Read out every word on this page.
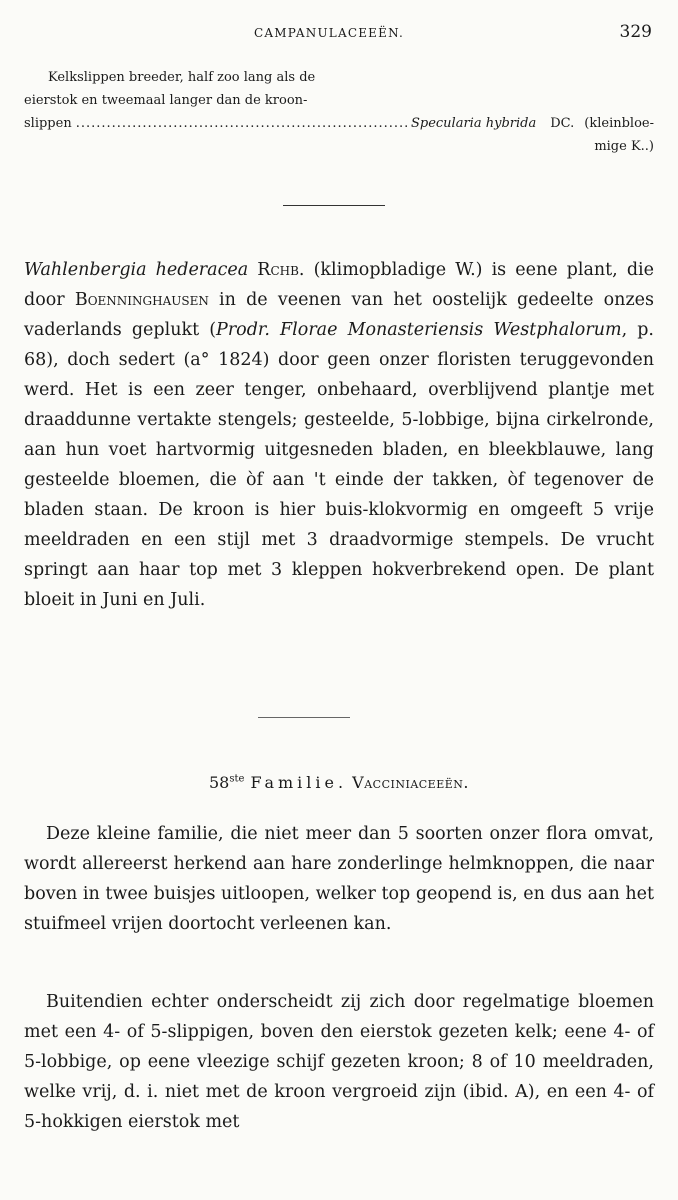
CAMPANULACEEËN.	329
Kelkslippen breeder, half zoo lang als de
eierstok en tweemaal langer dan de kroon-
slippen
.....	Specularia hybrida DC. (kleinbloe-
mige K..)

Wahlenbergia hederacea Rchb. (klimopbladige W.) is eene plant, die door Boenninghausen in de veenen van het oostelijk gedeelte onzes vaderlands geplukt (Prodr. Florae Monasteriensis Westphalorum, p. 68), doch sedert (a° 1824) door geen onzer floristen teruggevonden werd. Het is een zeer tenger, onbehaard, overblijvend plantje met draaddunne vertakte stengels; gesteelde, 5-lobbige, bijna cirkelronde, aan hun voet hartvormig uitgesneden bladen, en bleekblauwe, lang gesteelde bloemen, die òf aan 't einde der takken, òf tegenover de bladen staan. De kroon is hier buis-klokvormig en omgeeft 5 vrije meeldraden en een stijl met 3 draadvormige stempels. De vrucht springt aan haar top met 3 kleppen hokverbrekend open. De plant bloeit in Juni en Juli.

58ste Familie. Vacciniaceeën.

Deze kleine familie, die niet meer dan 5 soorten onzer flora omvat, wordt allereerst herkend aan hare zonderlinge helmknoppen, die naar boven in twee buisjes uitloopen, welker top geopend is, en dus aan het stuifmeel vrijen doortocht verleenen kan.

Buitendien echter onderscheidt zij zich door regelmatige bloemen met een 4- of 5-slippigen, boven den eierstok gezeten kelk; eene 4- of 5-lobbige, op eene vleezige schijf gezeten kroon; 8 of 10 meeldraden, welke vrij, d. i. niet met de kroon vergroeid zijn (ibid. A), en een 4- of 5-hokkigen eierstok met
